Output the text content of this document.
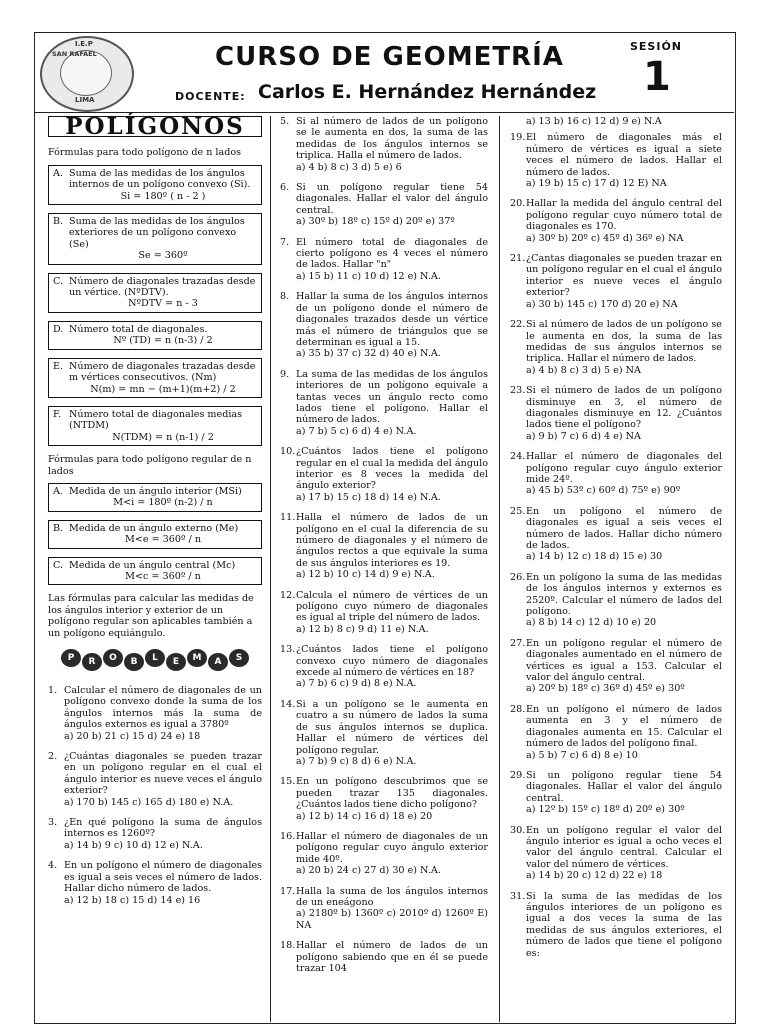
I.E.P
SAN RAFAEL
LIMA
CURSO DE GEOMETRÍA
DOCENTE: Carlos E. Hernández Hernández
SESIÓN
1
POLÍGONOS
Fórmulas para todo polígono de n lados
A. Suma de las medidas de los ángulos internos de un polígono convexo (Si).
Si = 180º ( n - 2 )
B. Suma de las medidas de los ángulos exteriores de un polígono convexo (Se)
Se = 360º
C. Número de diagonales trazadas desde un vértice. (NºDTV).
NºDTV = n - 3
D. Número total de diagonales.
Nº (TD) = n (n-3) / 2
E. Número de diagonales trazadas desde m vértices consecutivos. (Nm)
N(m) = mn − (m+1)(m+2) / 2
F. Número total de diagonales medias (NTDM)
N(TDM) = n (n-1) / 2
Fórmulas para todo polígono regular de n lados
A. Medida de un ángulo interior (MSi)
M<i = 180º (n-2) / n
B. Medida de un ángulo externo (Me)
M<e = 360º / n
C. Medida de un ángulo central (Mc)
M<c = 360º / n
Las fórmulas para calcular las medidas de los ángulos interior y exterior de un polígono regular son aplicables también a un polígono equiángulo.
P	R	O	B	L	E	M	A	S
1. Calcular el número de diagonales de un polígono convexo donde la suma de los ángulos internos más la suma de ángulos externos es igual a 3780º
a) 20 b) 21 c) 15 d) 24 e) 18
2. ¿Cuántas diagonales se pueden trazar en un polígono regular en el cual el ángulo interior es nueve veces el ángulo exterior?
a) 170 b) 145 c) 165 d) 180 e) N.A.
3. ¿En qué polígono la suma de ángulos internos es 1260º?
a) 14 b) 9 c) 10 d) 12 e) N.A.
4. En un polígono el número de diagonales es igual a seis veces el número de lados. Hallar dicho número de lados.
a) 12 b) 18 c) 15 d) 14 e) 16
5. Si al número de lados de un polígono se le aumenta en dos, la suma de las medidas de los ángulos internos se triplica. Halla el número de lados.
a) 4 b) 8 c) 3 d) 5 e) 6
6. Si un polígono regular tiene 54 diagonales. Hallar el valor del ángulo central.
a) 30º b) 18º c) 15º d) 20º e) 37º
7. El número total de diagonales de cierto polígono es 4 veces el número de lados. Hallar "n"
a) 15 b) 11 c) 10 d) 12 e) N.A.
8. Hallar la suma de los ángulos internos de un polígono donde el número de diagonales trazados desde un vértice más el número de triángulos que se determinan es igual a 15.
a) 35 b) 37 c) 32 d) 40 e) N.A.
9. La suma de las medidas de los ángulos interiores de un polígono equivale a tantas veces un ángulo recto como lados tiene el polígono. Hallar el número de lados.
a) 7 b) 5 c) 6 d) 4 e) N.A.
10. ¿Cuántos lados tiene el polígono regular en el cual la medida del ángulo interior es 8 veces la medida del ángulo exterior?
a) 17 b) 15 c) 18 d) 14 e) N.A.
11. Halla el número de lados de un polígono en el cual la diferencia de su número de diagonales y el número de ángulos rectos a que equivale la suma de sus ángulos interiores es 19.
a) 12 b) 10 c) 14 d) 9 e) N.A.
12. Calcula el número de vértices de un polígono cuyo número de diagonales es igual al triple del número de lados.
a) 12 b) 8 c) 9 d) 11 e) N.A.
13. ¿Cuántos lados tiene el polígono convexo cuyo número de diagonales excede al número de vértices en 18?
a) 7 b) 6 c) 9 d) 8 e) N.A.
14. Si a un polígono se le aumenta en cuatro a su número de lados la suma de sus ángulos internos se duplica. Hallar el número de vértices del polígono regular.
a) 7 b) 9 c) 8 d) 6 e) N.A.
15. En un polígono descubrimos que se pueden trazar 135 diagonales. ¿Cuántos lados tiene dicho polígono?
a) 12 b) 14 c) 16 d) 18 e) 20
16. Hallar el número de diagonales de un polígono regular cuyo ángulo exterior mide 40º.
a) 20 b) 24 c) 27 d) 30 e) N.A.
17. Halla la suma de los ángulos internos de un eneágono
a) 2180º b) 1360º c) 2010º d) 1260º E) NA
18. Hallar el número de lados de un polígono sabiendo que en él se puede trazar 104
a) 13 b) 16 c) 12 d) 9 e) N.A
19. El número de diagonales más el número de vértices es igual a siete veces el número de lados. Hallar el número de lados.
a) 19 b) 15 c) 17 d) 12 E) NA
20. Hallar la medida del ángulo central del polígono regular cuyo número total de diagonales es 170.
a) 30º b) 20º c) 45º d) 36º e) NA
21. ¿Cantas diagonales se pueden trazar en un polígono regular en el cual el ángulo interior es nueve veces el ángulo exterior?
a) 30 b) 145 c) 170 d) 20 e) NA
22. Si al número de lados de un polígono se le aumenta en dos, la suma de las medidas de sus ángulos internos se triplica. Hallar el número de lados.
a) 4 b) 8 c) 3 d) 5 e) NA
23. Si el número de lados de un polígono disminuye en 3, el número de diagonales disminuye en 12. ¿Cuántos lados tiene el polígono?
a) 9 b) 7 c) 6 d) 4 e) NA
24. Hallar el número de diagonales del polígono regular cuyo ángulo exterior mide 24º.
a) 45 b) 53º c) 60º d) 75º e) 90º
25. En un polígono el número de diagonales es igual a seis veces el número de lados. Hallar dicho número de lados.
a) 14 b) 12 c) 18 d) 15 e) 30
26. En un polígono la suma de las medidas de los ángulos internos y externos es 2520º. Calcular el número de lados del polígono.
a) 8 b) 14 c) 12 d) 10 e) 20
27. En un polígono regular el número de diagonales aumentado en el número de vértices es igual a 153. Calcular el valor del ángulo central.
a) 20º b) 18º c) 36º d) 45º e) 30º
28. En un polígono el número de lados aumenta en 3 y el número de diagonales aumenta en 15. Calcular el número de lados del polígono final.
a) 5 b) 7 c) 6 d) 8 e) 10
29. Si un polígono regular tiene 54 diagonales. Hallar el valor del ángulo central.
a) 12º b) 15º c) 18º d) 20º e) 30º
30. En un polígono regular el valor del ángulo interior es igual a ocho veces el valor del ángulo central. Calcular el valor del número de vértices.
a) 14 b) 20 c) 12 d) 22 e) 18
31. Si la suma de las medidas de los ángulos interiores de un polígono es igual a dos veces la suma de las medidas de sus ángulos exteriores, el número de lados que tiene el polígono es:
